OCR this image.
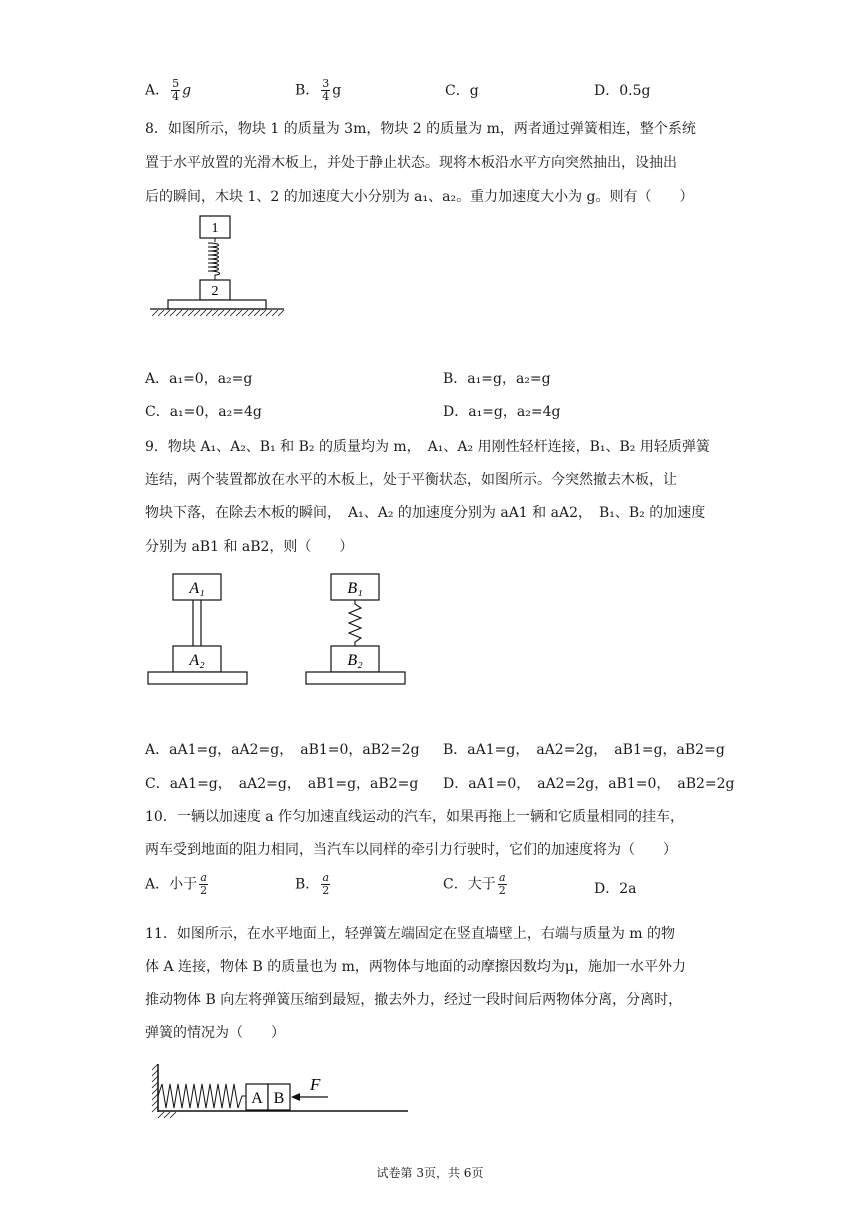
A． $\frac{5}{4}$ g	B． $\frac{3}{4}$ g	C．g	D．0.5g
8．如图所示，物块 1 的质量为 3m，物块 2 的质量为 m，两者通过弹簧相连，整个系统
置于水平放置的光滑木板上，并处于静止状态。现将木板沿水平方向突然抽出，设抽出
后的瞬间，木块 1、2 的加速度大小分别为 a₁、a₂。重力加速度大小为 g。则有（　　）
1
2
A．a₁=0，a₂=g	B．a₁=g，a₂=g
C．a₁=0，a₂=4g	D．a₁=g，a₂=4g
9．物块 A₁、A₂、B₁ 和 B₂ 的质量均为 m，　A₁、A₂ 用刚性轻杆连接，B₁、B₂ 用轻质弹簧
连结，两个装置都放在水平的木板上，处于平衡状态，如图所示。今突然撤去木板，让
物块下落，在除去木板的瞬间，　A₁、A₂ 的加速度分别为 aA1 和 aA2，　B₁、B₂ 的加速度
分别为 aB1 和 aB2，则（　　）
A₁
A₂
B₁
B₂
A．aA1=g，aA2=g，　aB1=0，aB2=2g B．aA1=g，　aA2=2g，　aB1=g，aB2=g
C．aA1=g，　aA2=g，　aB1=g，aB2=g D．aA1=0，　aA2=2g，aB1=0，　aB2=2g
10．一辆以加速度 a 作匀加速直线运动的汽车，如果再拖上一辆和它质量相同的挂车，
两车受到地面的阻力相同，当汽车以同样的牵引力行驶时，它们的加速度将为（　　）
A．小于 $\frac{a}{2}$	B． $\frac{a}{2}$	C．大于 $\frac{a}{2}$	D．2a
11．如图所示，在水平地面上，轻弹簧左端固定在竖直墙壁上，右端与质量为 m 的物
体 A 连接，物体 B 的质量也为 m，两物体与地面的动摩擦因数均为μ，施加一水平外力
推动物体 B 向左将弹簧压缩到最短，撤去外力，经过一段时间后两物体分离，分离时，
弹簧的情况为（　　）
A B
F
试卷第 3页，共 6页
